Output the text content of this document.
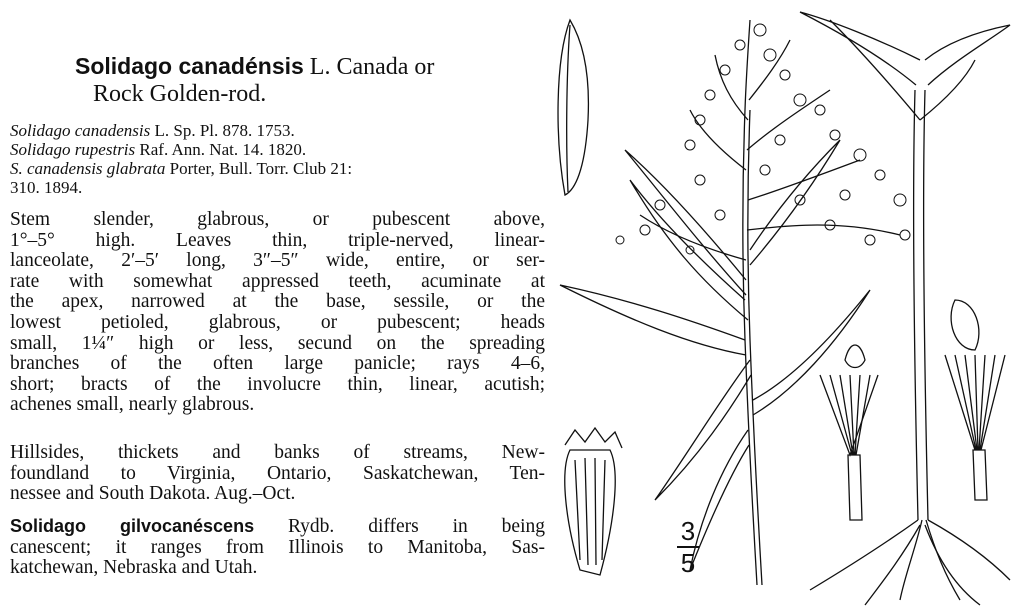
Solidago canadénsis L. Canada or
Rock Golden-rod.
Solidago canadensis L. Sp. Pl. 878. 1753.
Solidago rupestris Raf. Ann. Nat. 14. 1820.
S. canadensis glabrata Porter, Bull. Torr. Club 21:
310. 1894.
Stem slender, glabrous, or pubescent above,
1°–5° high. Leaves thin, triple-nerved, linear-
lanceolate, 2′–5′ long, 3″–5″ wide, entire, or ser-
rate with somewhat appressed teeth, acuminate at
the apex, narrowed at the base, sessile, or the
lowest petioled, glabrous, or pubescent; heads
small, 1¼″ high or less, secund on the spreading
branches of the often large panicle; rays 4–6,
short; bracts of the involucre thin, linear, acutish;
achenes small, nearly glabrous.
Hillsides, thickets and banks of streams, New-
foundland to Virginia, Ontario, Saskatchewan, Ten-
nessee and South Dakota. Aug.–Oct.
Solidago gilvocanéscens Rydb. differs in being
canescent; it ranges from Illinois to Manitoba, Sas-
katchewan, Nebraska and Utah.
3
5
